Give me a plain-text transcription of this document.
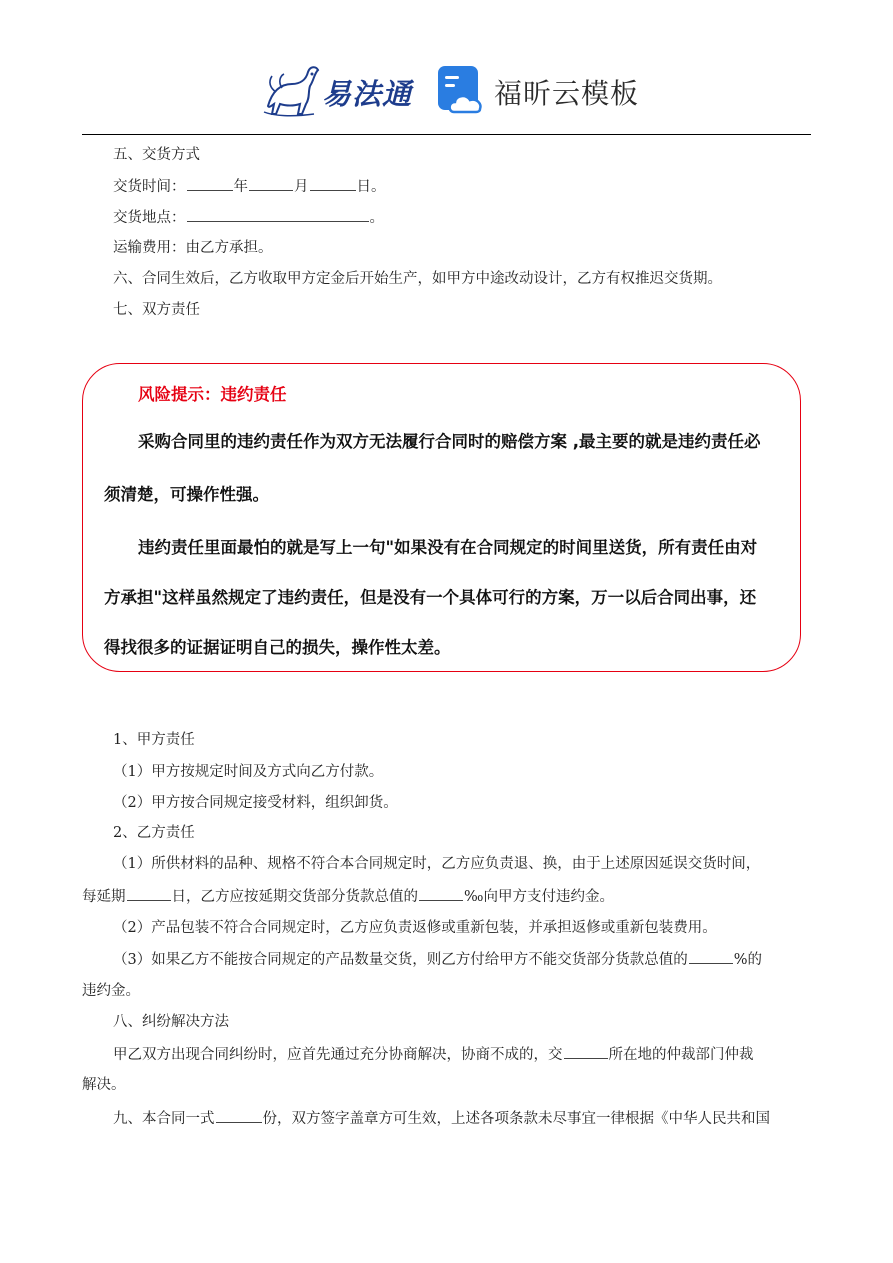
易法通	福昕云模板
五、交货方式
交货时间：	年	月	日。
交货地点：	。
运输费用：由乙方承担。
六、合同生效后，乙方收取甲方定金后开始生产，如甲方中途改动设计，乙方有权推迟交货期。
七、双方责任
风险提示：违约责任
采购合同里的违约责任作为双方无法履行合同时的赔偿方案 ,最主要的就是违约责任必
须清楚，可操作性强。
违约责任里面最怕的就是写上一句"如果没有在合同规定的时间里送货，所有责任由对
方承担"这样虽然规定了违约责任，但是没有一个具体可行的方案，万一以后合同出事，还
得找很多的证据证明自己的损失，操作性太差。
1、甲方责任
（1）甲方按规定时间及方式向乙方付款。
（2）甲方按合同规定接受材料，组织卸货。
2、乙方责任
（1）所供材料的品种、规格不符合本合同规定时，乙方应负责退、换，由于上述原因延误交货时间，
每延期	日，乙方应按延期交货部分货款总值的	‰向甲方支付违约金。
（2）产品包装不符合合同规定时，乙方应负责返修或重新包装，并承担返修或重新包装费用。
（3）如果乙方不能按合同规定的产品数量交货，则乙方付给甲方不能交货部分货款总值的	%的
违约金。
八、纠纷解决方法
甲乙双方出现合同纠纷时，应首先通过充分协商解决，协商不成的，交	所在地的仲裁部门仲裁
解决。
九、本合同一式	份，双方签字盖章方可生效，上述各项条款未尽事宜一律根据《中华人民共和国
